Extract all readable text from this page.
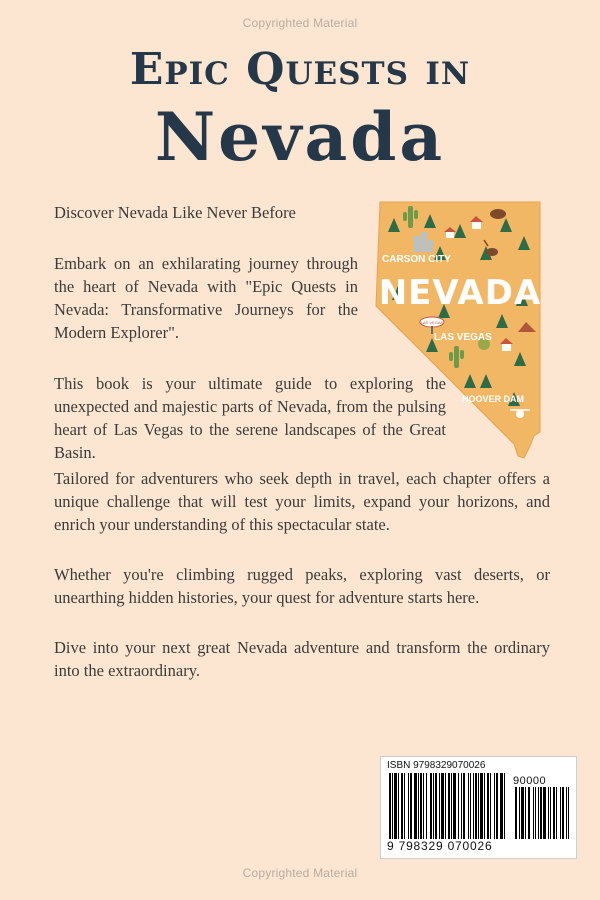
Copyrighted Material
Epic Quests in
Nevada
Discover Nevada Like Never Before
Embark on an exhilarating journey through the heart of Nevada with "Epic Quests in Nevada: Transformative Journeys for the Modern Explorer".
This book is your ultimate guide to exploring the unexpected and majestic parts of Nevada, from the pulsing heart of Las Vegas to the serene landscapes of the Great Basin.
Tailored for adventurers who seek depth in travel, each chapter offers a unique challenge that will test your limits, expand your horizons, and enrich your understanding of this spectacular state.
Whether you're climbing rugged peaks, exploring vast deserts, or unearthing hidden histories, your quest for adventure starts here.
Dive into your next great Nevada adventure and transform the ordinary into the extraordinary.
LAS VEGAS
CARSON CITY
NEVADA
LAS VEGAS
HOOVER DAM
ISBN 9798329070026
90000
9 798329 070026
Copyrighted Material
